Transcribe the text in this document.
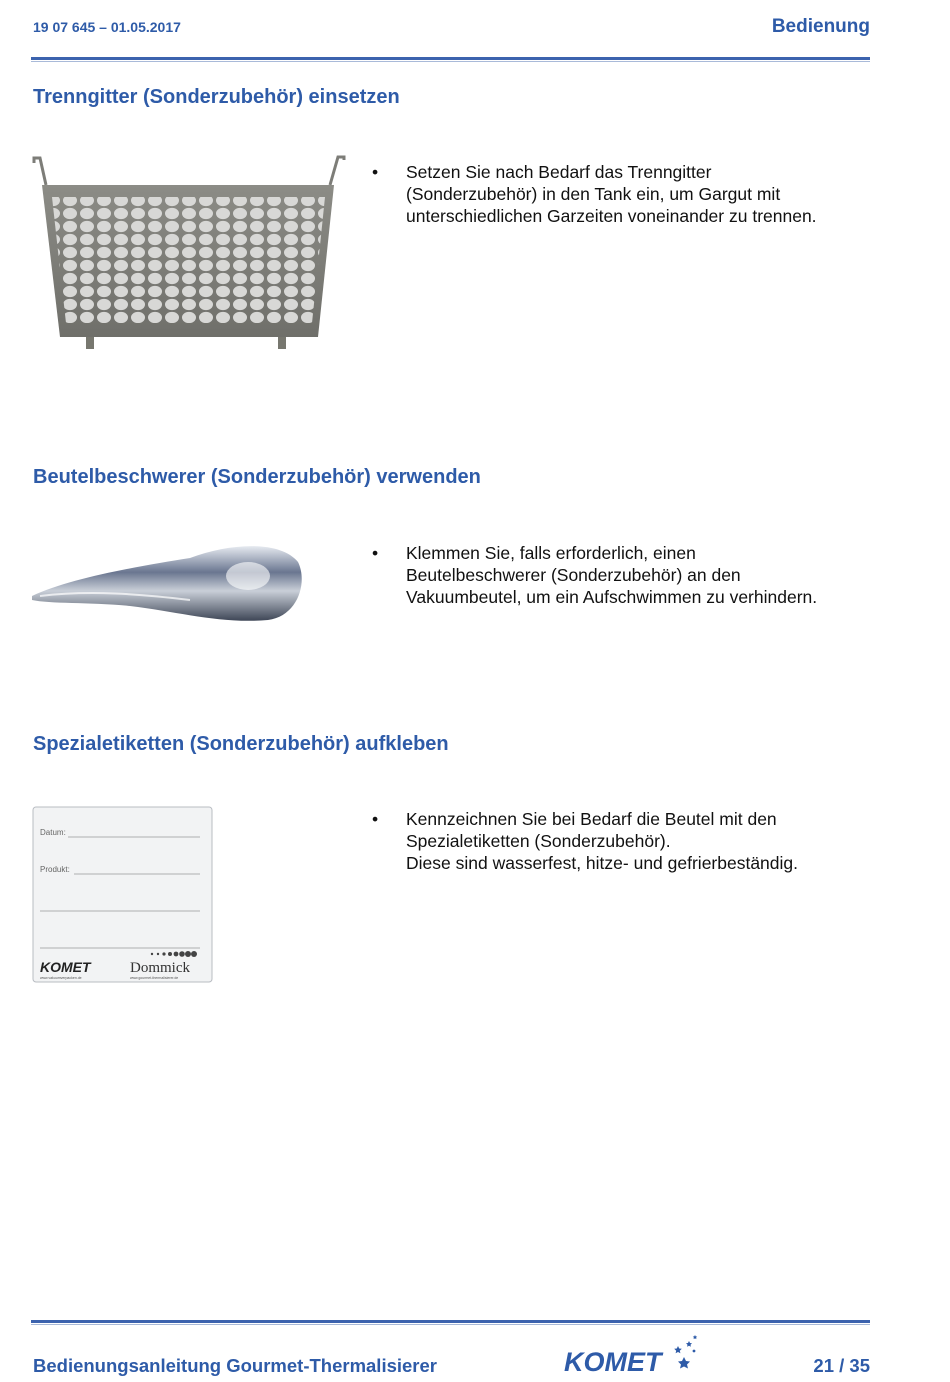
19 07 645 – 01.05.2017	Bedienung
Trenngitter (Sonderzubehör) einsetzen
•	Setzen Sie nach Bedarf das Trenngitter
(Sonderzubehör) in den Tank ein, um Gargut mit
unterschiedlichen Garzeiten voneinander zu trennen.
Beutelbeschwerer (Sonderzubehör) verwenden
•	Klemmen Sie, falls erforderlich, einen
Beutelbeschwerer (Sonderzubehör) an den
Vakuumbeutel, um ein Aufschwimmen zu verhindern.
Spezialetiketten (Sonderzubehör) aufkleben
Datum:
Produkt:
KOMET
www.vakuumverpacken.de
Dommick
www.gourmet-thermalisierer.de
•	Kennzeichnen Sie bei Bedarf die Beutel mit den
Spezialetiketten (Sonderzubehör).
Diese sind wasserfest, hitze- und gefrierbeständig.
Bedienungsanleitung Gourmet-Thermalisierer	KOMET	21 / 35
